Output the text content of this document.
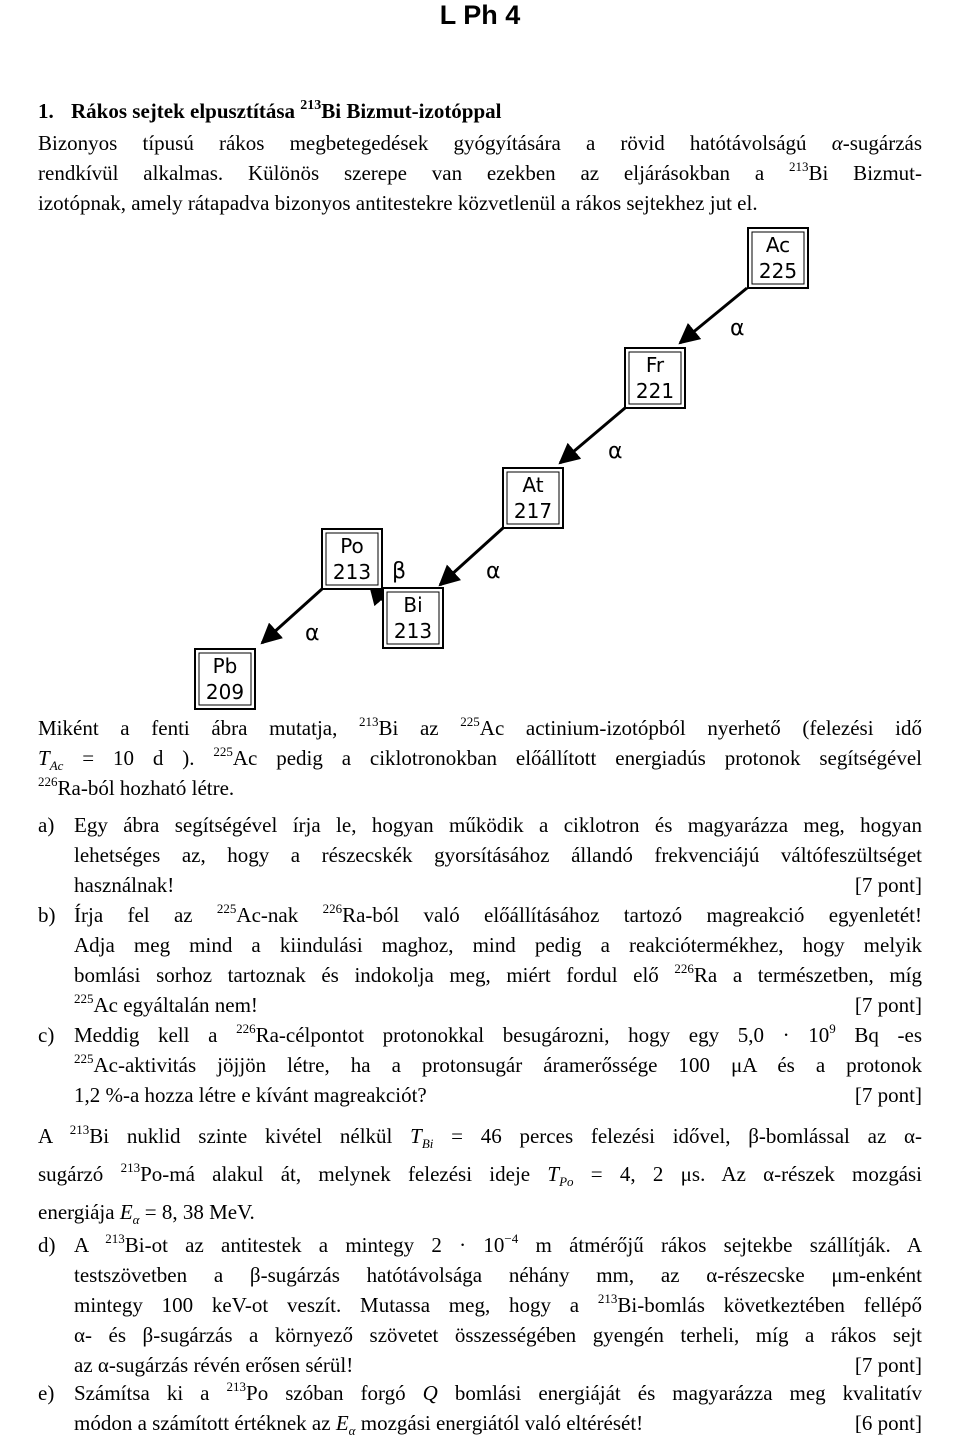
L Ph 4
1. Rákos sejtek elpusztítása $^{213}$Bi Bizmut-izotóppal
Bizonyos típusú rákos megbetegedések gyógyítására a rövid hatótávolságú α-sugárzás
rendkívül alkalmas. Különös szerepe van ezekben az eljárásokban a $^{213}$Bi Bizmut-
izotópnak, amely rátapadva bizonyos antitestekre közvetlenül a rákos sejtekhez jut el.
Ac
225
Fr
221
At
217
Po
213
Bi
213
Pb
209
α
α
α
β
α
Miként a fenti ábra mutatja, $^{213}$Bi az $^{225}$Ac actinium-izotópból nyerhető (felezési idő
$T_{Ac} = 10$ d ). $^{225}$Ac pedig a ciklotronokban előállított energiadús protonok segítségével
$^{226}$Ra-ból hozható létre.
a) Egy ábra segítségével írja le, hogyan működik a ciklotron és magyarázza meg, hogyan
lehetséges az, hogy a részecskék gyorsításához állandó frekvenciájú váltófeszültséget
használnak!	[7 pont]
b) Írja fel az $^{225}$Ac-nak $^{226}$Ra-ból való előállításához tartozó magreakció egyenletét!
Adja meg mind a kiindulási maghoz, mind pedig a reakciótermékhez, hogy melyik
bomlási sorhoz tartoznak és indokolja meg, miért fordul elő $^{226}$Ra a természetben, míg
$^{225}$Ac egyáltalán nem!	[7 pont]
c) Meddig kell a $^{226}$Ra-célpontot protonokkal besugározni, hogy egy $5,0 \cdot 10^9$ Bq -es
$^{225}$Ac-aktivitás jöjjön létre, ha a protonsugár áramerőssége 100 μA és a protonok
1,2 %-a hozza létre e kívánt magreakciót?	[7 pont]
A $^{213}$Bi nuklid szinte kivétel nélkül $T_{Bi} = 46$ perces felezési idővel, β-bomlással az α-
sugárzó $^{213}$Po-má alakul át, melynek felezési ideje $T_{Po} = 4$, 2 μs. Az α-részek mozgási
energiája $E_\alpha = 8$, 38 MeV.
d) A $^{213}$Bi-ot az antitestek a mintegy $2 \cdot 10^{-4}$ m átmérőjű rákos sejtekbe szállítják. A
testszövetben a β-sugárzás hatótávolsága néhány mm, az α-részecske μm-enként
mintegy 100 keV-ot veszít. Mutassa meg, hogy a $^{213}$Bi-bomlás következtében fellépő
α- és β-sugárzás a környező szövetet összességében gyengén terheli, míg a rákos sejt
az α-sugárzás révén erősen sérül!	[7 pont]
e) Számítsa ki a $^{213}$Po szóban forgó Q bomlási energiáját és magyarázza meg kvalitatív
módon a számított értéknek az $E_\alpha$ mozgási energiától való eltérését!	[6 pont]
